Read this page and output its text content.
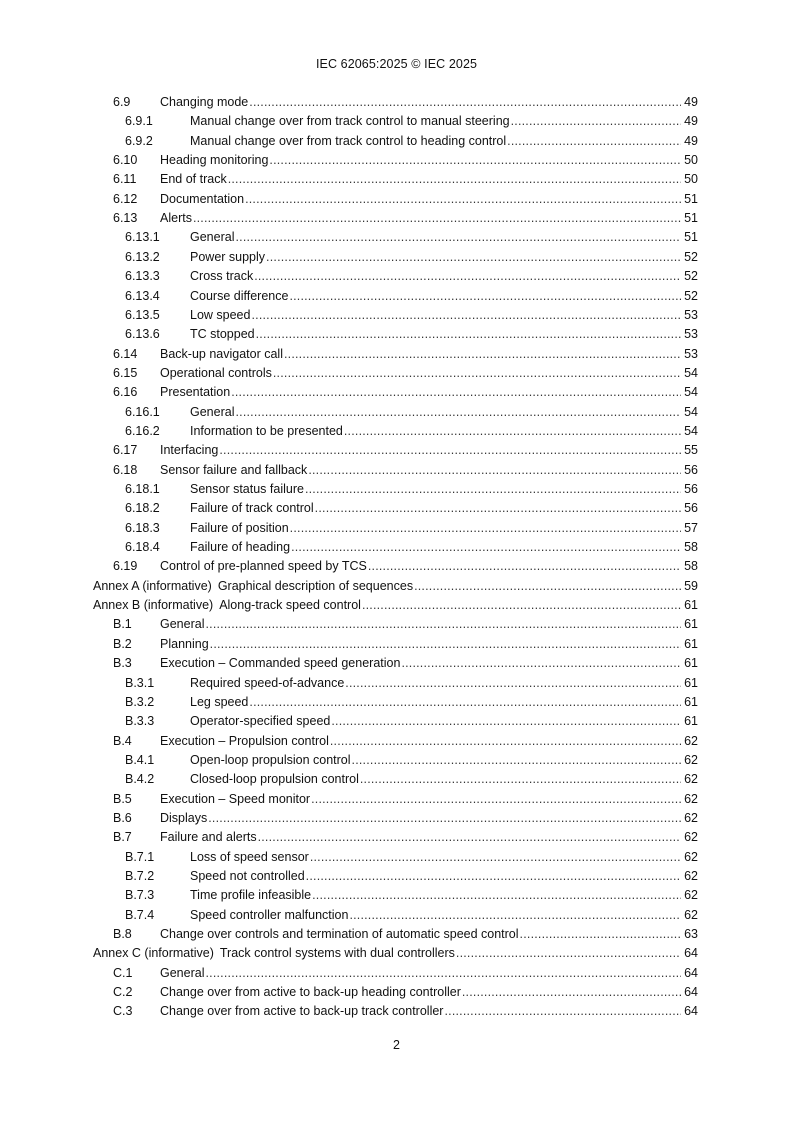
IEC 62065:2025 © IEC 2025
6.9	Changing mode .....	49
6.9.1	Manual change over from track control to manual steering .....	49
6.9.2	Manual change over from track control to heading control .....	49
6.10	Heading monitoring .....	50
6.11	End of track .....	50
6.12	Documentation .....	51
6.13	Alerts .....	51
6.13.1	General .....	51
6.13.2	Power supply .....	52
6.13.3	Cross track .....	52
6.13.4	Course difference .....	52
6.13.5	Low speed .....	53
6.13.6	TC stopped .....	53
6.14	Back-up navigator call .....	53
6.15	Operational controls .....	54
6.16	Presentation .....	54
6.16.1	General .....	54
6.16.2	Information to be presented .....	54
6.17	Interfacing .....	55
6.18	Sensor failure and fallback .....	56
6.18.1	Sensor status failure .....	56
6.18.2	Failure of track control .....	56
6.18.3	Failure of position .....	57
6.18.4	Failure of heading .....	58
6.19	Control of pre-planned speed by TCS .....	58
Annex A (informative) Graphical description of sequences .....	59
Annex B (informative) Along-track speed control .....	61
B.1	General .....	61
B.2	Planning .....	61
B.3	Execution – Commanded speed generation .....	61
B.3.1	Required speed-of-advance .....	61
B.3.2	Leg speed .....	61
B.3.3	Operator-specified speed .....	61
B.4	Execution – Propulsion control .....	62
B.4.1	Open-loop propulsion control .....	62
B.4.2	Closed-loop propulsion control .....	62
B.5	Execution – Speed monitor .....	62
B.6	Displays .....	62
B.7	Failure and alerts .....	62
B.7.1	Loss of speed sensor .....	62
B.7.2	Speed not controlled .....	62
B.7.3	Time profile infeasible .....	62
B.7.4	Speed controller malfunction .....	62
B.8	Change over controls and termination of automatic speed control .....	63
Annex C (informative) Track control systems with dual controllers .....	64
C.1	General .....	64
C.2	Change over from active to back-up heading controller .....	64
C.3	Change over from active to back-up track controller .....	64
2
